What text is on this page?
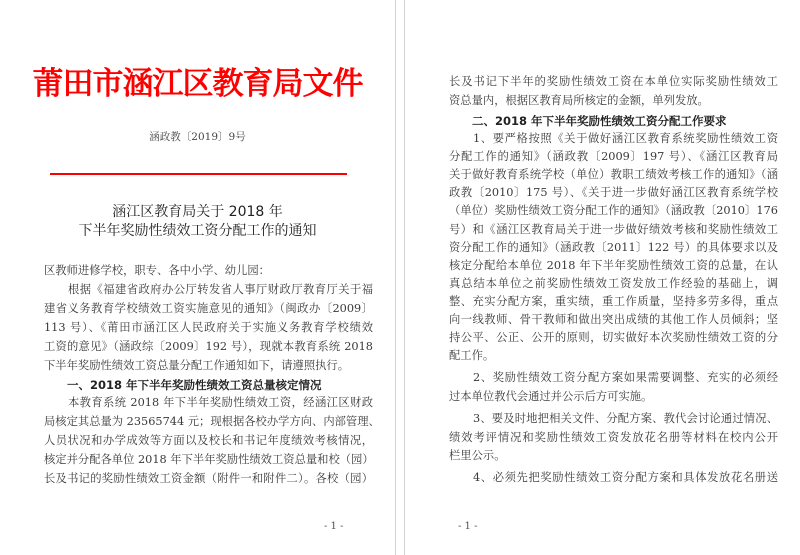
莆田市涵江区教育局文件
涵政教〔2019〕9号
涵江区教育局关于 2018 年
下半年奖励性绩效工资分配工作的通知
区教师进修学校，职专、各中小学、幼儿园：
根据《福建省政府办公厅转发省人事厅财政厅教育厅关于福
建省义务教育学校绩效工资实施意见的通知》（闽政办〔2009〕
113 号）、《莆田市涵江区人民政府关于实施义务教育学校绩效
工资的意见》（涵政综〔2009〕192 号），现就本教育系统 2018
下半年奖励性绩效工资总量分配工作通知如下，请遵照执行。
一、2018 年下半年奖励性绩效工资总量核定情况
本教育系统 2018 年下半年奖励性绩效工资，经涵江区财政
局核定其总量为 23565744 元；现根据各校办学方向、内部管理、
人员状况和办学成效等方面以及校长和书记年度绩效考核情况，
核定并分配各单位 2018 年下半年奖励性绩效工资总量和校（园）
长及书记的奖励性绩效工资金额（附件一和附件二）。各校（园）
- 1 -
长及书记下半年的奖励性绩效工资在本单位实际奖励性绩效工
资总量内，根据区教育局所核定的金额，单列发放。
二、2018 年下半年奖励性绩效工资分配工作要求
1、要严格按照《关于做好涵江区教育系统奖励性绩效工资
分配工作的通知》（涵政教〔2009〕197 号）、《涵江区教育局
关于做好教育系统学校（单位）教职工绩效考核工作的通知》（涵
政教〔2010〕175 号）、《关于进一步做好涵江区教育系统学校
（单位）奖励性绩效工资分配工作的通知》（涵政教〔2010〕176
号）和《涵江区教育局关于进一步做好绩效考核和奖励性绩效工
资分配工作的通知》（涵政教〔2011〕122 号）的具体要求以及
核定分配给本单位 2018 年下半年奖励性绩效工资的总量，在认
真总结本单位之前奖励性绩效工资发放工作经验的基础上，调
整、充实分配方案，重实绩，重工作质量，坚持多劳多得，重点
向一线教师、骨干教师和做出突出成绩的其他工作人员倾斜；坚
持公平、公正、公开的原则，切实做好本次奖励性绩效工资的分
配工作。
2、奖励性绩效工资分配方案如果需要调整、充实的必须经
过本单位教代会通过并公示后方可实施。
3、要及时地把相关文件、分配方案、教代会讨论通过情况、
绩效考评情况和奖励性绩效工资发放花名册等材料在校内公开
栏里公示。
4、必须先把奖励性绩效工资分配方案和具体发放花名册送
- 1 -
